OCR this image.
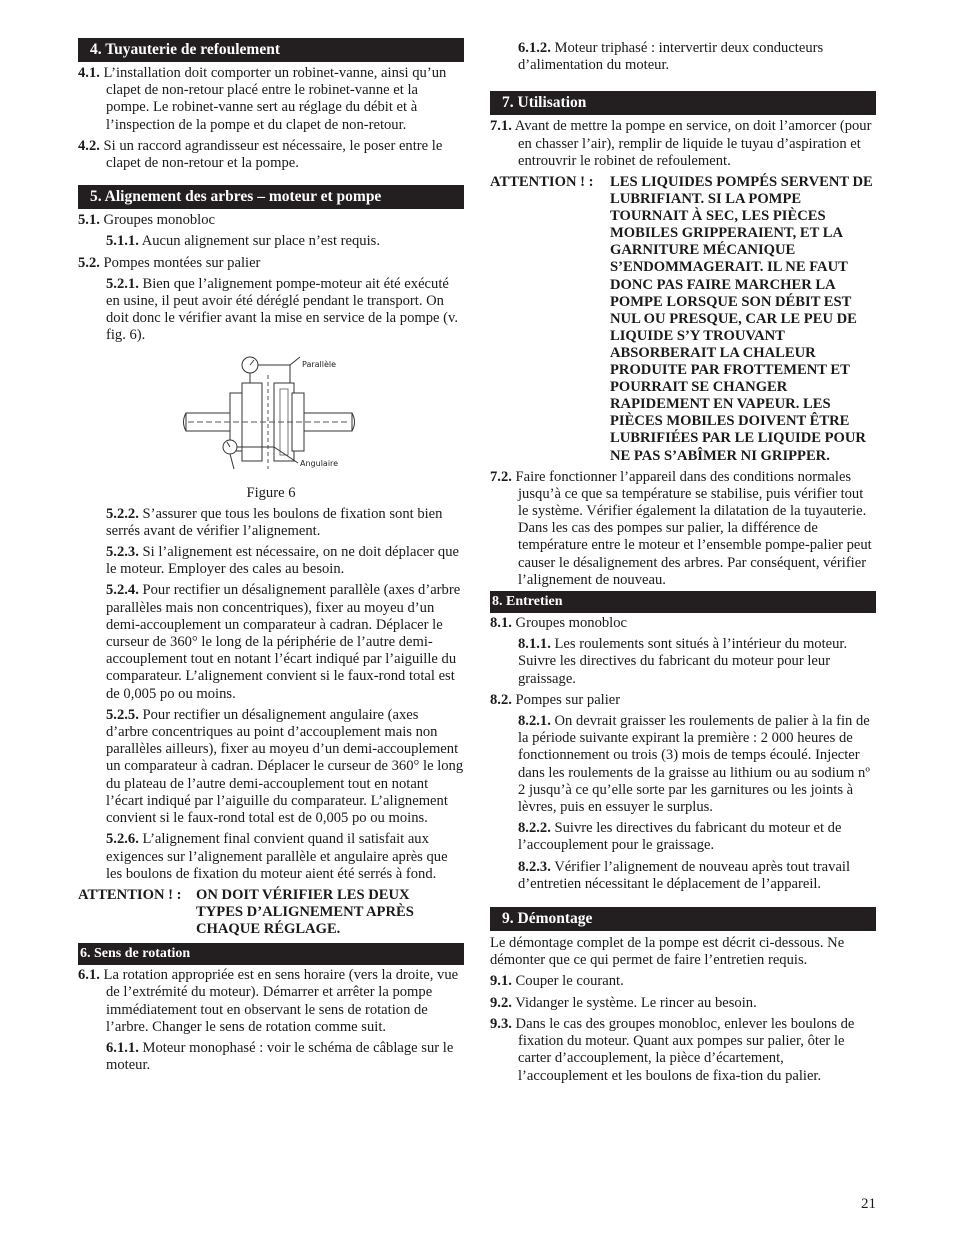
4. Tuyauterie de refoulement

4.1. L’installation doit comporter un robinet-vanne, ainsi qu’un clapet de non-retour placé entre le robinet-vanne et la pompe. Le robinet-vanne sert au réglage du débit et à l’inspection de la pompe et du clapet de non-retour.

4.2. Si un raccord agrandisseur est nécessaire, le poser entre le clapet de non-retour et la pompe.

5. Alignement des arbres – moteur et pompe

5.1. Groupes monobloc

5.1.1. Aucun alignement sur place n’est requis.

5.2. Pompes montées sur palier

5.2.1. Bien que l’alignement pompe-moteur ait été exécuté en usine, il peut avoir été déréglé pendant le transport. On doit donc le vérifier avant la mise en service de la pompe (v. fig. 6).

Parallèle
Angulaire
Figure 6

5.2.2. S’assurer que tous les boulons de fixation sont bien serrés avant de vérifier l’alignement.

5.2.3. Si l’alignement est nécessaire, on ne doit déplacer que le moteur. Employer des cales au besoin.

5.2.4. Pour rectifier un désalignement parallèle (axes d’arbre parallèles mais non concentriques), fixer au moyeu d’un demi-accouplement un comparateur à cadran. Déplacer le curseur de 360° le long de la périphérie de l’autre demi-accouplement tout en notant l’écart indiqué par l’aiguille du comparateur. L’alignement convient si le faux-rond total est de 0,005 po ou moins.

5.2.5. Pour rectifier un désalignement angulaire (axes d’arbre concentriques au point d’accouplement mais non parallèles ailleurs), fixer au moyeu d’un demi-accouplement un comparateur à cadran. Déplacer le curseur de 360° le long du plateau de l’autre demi-accouplement tout en notant l’écart indiqué par l’aiguille du comparateur. L’alignement convient si le faux-rond total est de 0,005 po ou moins.

5.2.6. L’alignement final convient quand il satisfait aux exigences sur l’alignement parallèle et angulaire après que les boulons de fixation du moteur aient été serrés à fond.

ATTENTION ! : ON DOIT VÉRIFIER LES DEUX TYPES D’ALIGNEMENT APRÈS CHAQUE RÉGLAGE.
6. Sens de rotation

6.1. La rotation appropriée est en sens horaire (vers la droite, vue de l’extrémité du moteur). Démarrer et arrêter la pompe immédiatement tout en observant le sens de rotation de l’arbre. Changer le sens de rotation comme suit.

6.1.1. Moteur monophasé : voir le schéma de câblage sur le moteur.

6.1.2. Moteur triphasé : intervertir deux conducteurs d’alimentation du moteur.

7. Utilisation

7.1. Avant de mettre la pompe en service, on doit l’amorcer (pour en chasser l’air), remplir de liquide le tuyau d’aspiration et entrouvrir le robinet de refoulement.

ATTENTION ! :	LES LIQUIDES POMPÉS SERVENT DE LUBRIFIANT. SI LA POMPE TOURNAIT À SEC, LES PIÈCES MOBILES GRIPPERAIENT, ET LA GARNITURE MÉCANIQUE S’ENDOMMAGERAIT. IL NE FAUT DONC PAS FAIRE MARCHER LA POMPE LORSQUE SON DÉBIT EST NUL OU PRESQUE, CAR LE PEU DE LIQUIDE S’Y TROUVANT ABSORBERAIT LA CHALEUR PRODUITE PAR FROTTEMENT ET POURRAIT SE CHANGER RAPIDEMENT EN VAPEUR. LES PIÈCES MOBILES DOIVENT ÊTRE LUBRIFIÉES PAR LE LIQUIDE POUR NE PAS S’ABÎMER NI GRIPPER.

7.2. Faire fonctionner l’appareil dans des conditions normales jusqu’à ce que sa température se stabilise, puis vérifier tout le système. Vérifier également la dilatation de la tuyauterie. Dans les cas des pompes sur palier, la différence de température entre le moteur et l’ensemble pompe-palier peut causer le désalignement des arbres. Par conséquent, vérifier l’alignement de nouveau.

8. Entretien

8.1. Groupes monobloc

8.1.1. Les roulements sont situés à l’intérieur du moteur. Suivre les directives du fabricant du moteur pour leur graissage.

8.2. Pompes sur palier

8.2.1. On devrait graisser les roulements de palier à la fin de la période suivante expirant la première : 2 000 heures de fonctionnement ou trois (3) mois de temps écoulé. Injecter dans les roulements de la graisse au lithium ou au sodium nº 2 jusqu’à ce qu’elle sorte par les garnitures ou les joints à lèvres, puis en essuyer le surplus.

8.2.2. Suivre les directives du fabricant du moteur et de l’accouplement pour le graissage.

8.2.3. Vérifier l’alignement de nouveau après tout travail d’entretien nécessitant le déplacement de l’appareil.

9. Démontage

Le démontage complet de la pompe est décrit ci-dessous. Ne démonter que ce qui permet de faire l’entretien requis.

9.1. Couper le courant.

9.2. Vidanger le système. Le rincer au besoin.

9.3. Dans le cas des groupes monobloc, enlever les boulons de fixation du moteur. Quant aux pompes sur palier, ôter le carter d’accouplement, la pièce d’écartement, l’accouplement et les boulons de fixa-tion du palier.

21
